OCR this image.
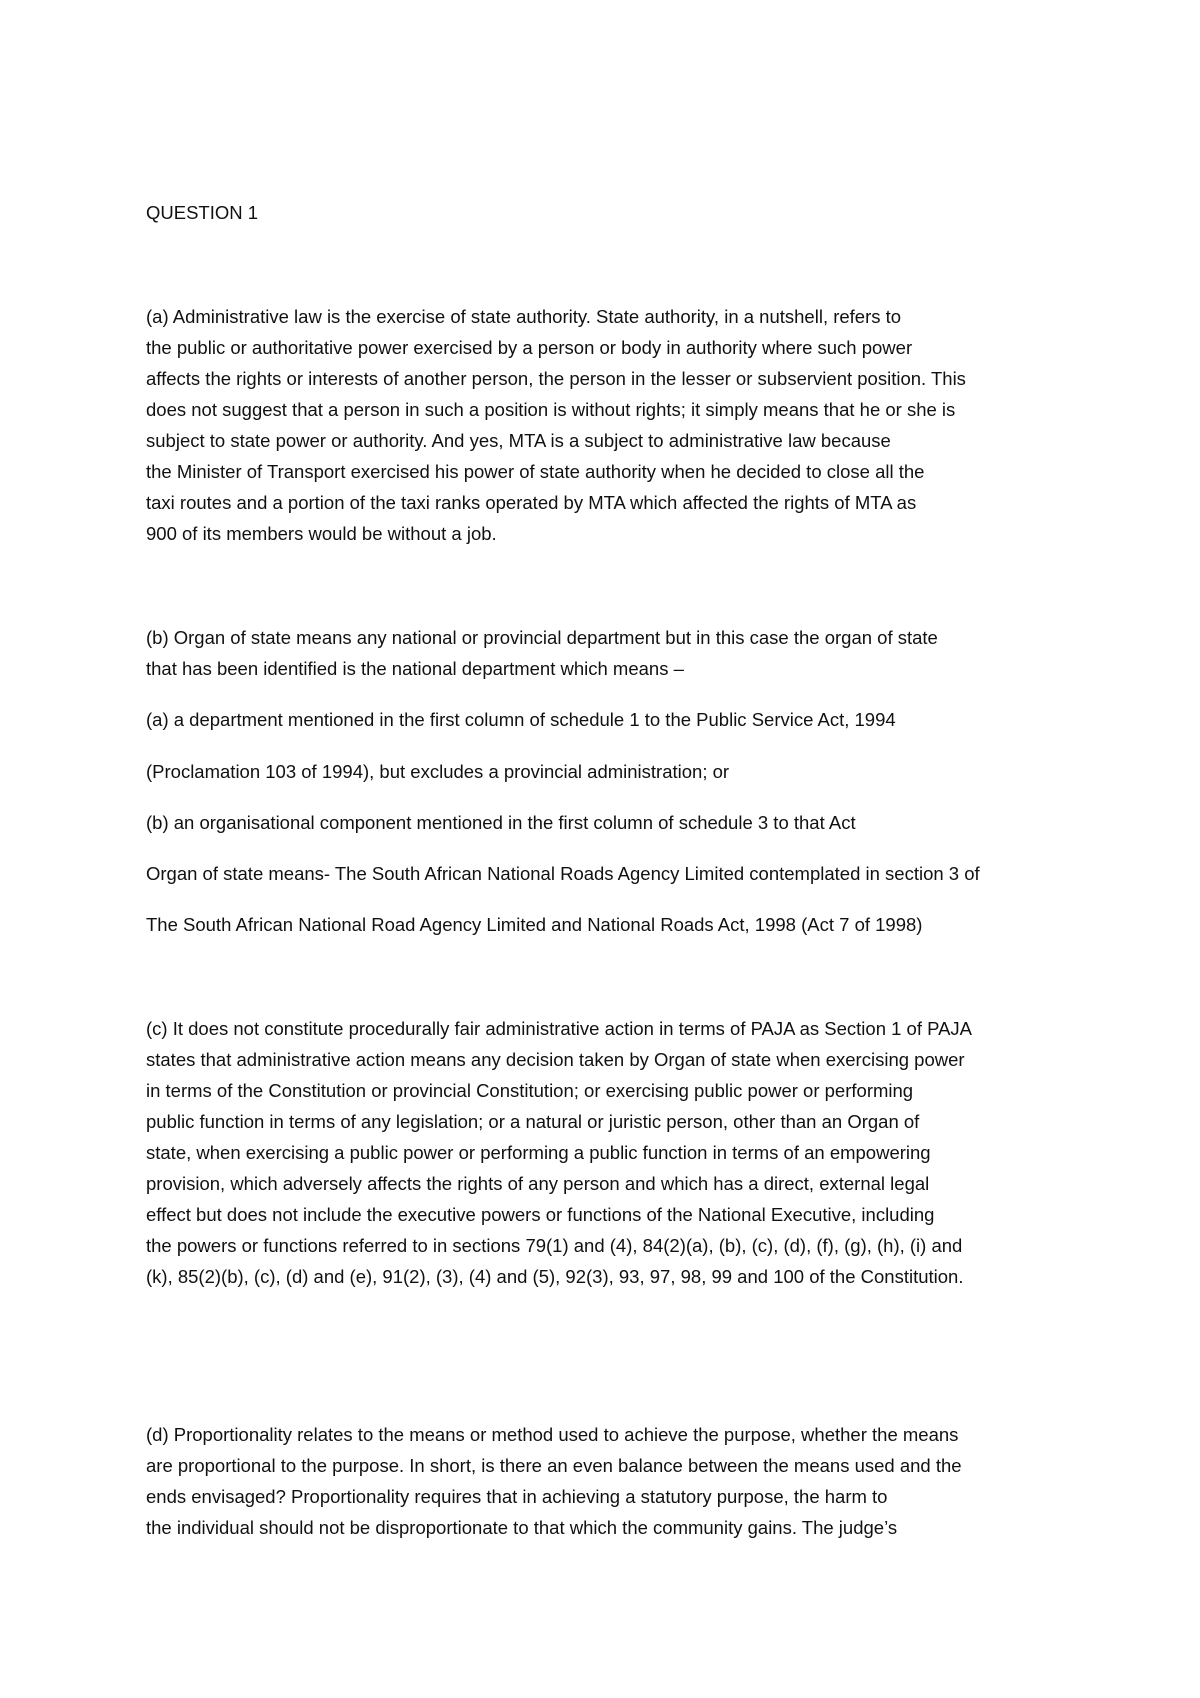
QUESTION 1

(a) Administrative law is the exercise of state authority. State authority, in a nutshell, refers to

the public or authoritative power exercised by a person or body in authority where such power

affects the rights or interests of another person, the person in the lesser or subservient position. This

does not suggest that a person in such a position is without rights; it simply means that he or she is

subject to state power or authority. And yes, MTA is a subject to administrative law because

the Minister of Transport exercised his power of state authority when he decided to close all the

taxi routes and a portion of the taxi ranks operated by MTA which affected the rights of MTA as

900 of its members would be without a job.

(b) Organ of state means any national or provincial department but in this case the organ of state

that has been identified is the national department which means –

(a) a department mentioned in the first column of schedule 1 to the Public Service Act, 1994

(Proclamation 103 of 1994), but excludes a provincial administration; or

(b) an organisational component mentioned in the first column of schedule 3 to that Act

Organ of state means- The South African National Roads Agency Limited contemplated in section 3 of

The South African National Road Agency Limited and National Roads Act, 1998 (Act 7 of 1998)

(c) It does not constitute procedurally fair administrative action in terms of PAJA as Section 1 of PAJA

states that administrative action means any decision taken by Organ of state when exercising power

in terms of the Constitution or provincial Constitution; or exercising public power or performing

public function in terms of any legislation; or a natural or juristic person, other than an Organ of

state, when exercising a public power or performing a public function in terms of an empowering

provision, which adversely affects the rights of any person and which has a direct, external legal

effect but does not include the executive powers or functions of the National Executive, including

the powers or functions referred to in sections 79(1) and (4), 84(2)(a), (b), (c), (d), (f), (g), (h), (i) and

(k), 85(2)(b), (c), (d) and (e), 91(2), (3), (4) and (5), 92(3), 93, 97, 98, 99 and 100 of the Constitution.

(d) Proportionality relates to the means or method used to achieve the purpose, whether the means

are proportional to the purpose. In short, is there an even balance between the means used and the

ends envisaged? Proportionality requires that in achieving a statutory purpose, the harm to

the individual should not be disproportionate to that which the community gains. The judge’s
